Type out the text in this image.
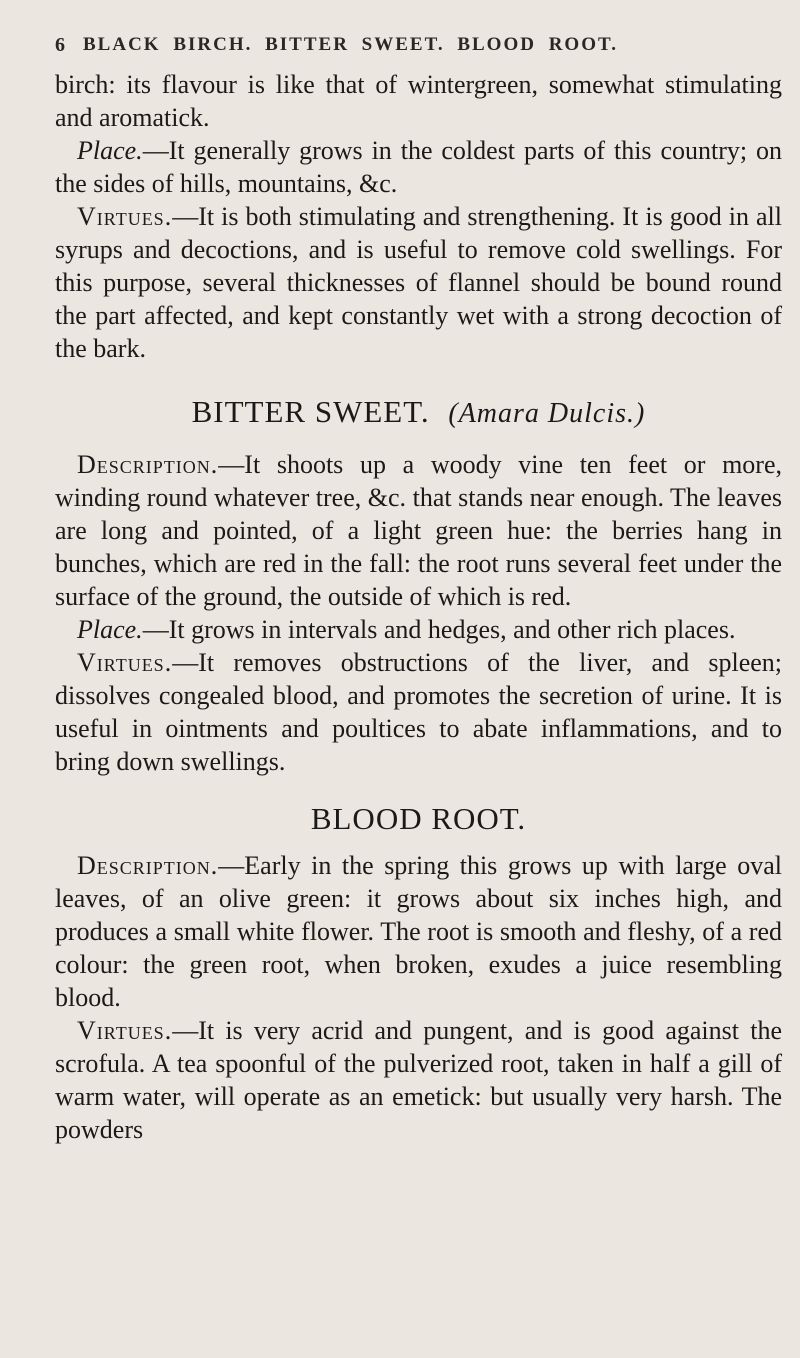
6 BLACK BIRCH. BITTER SWEET. BLOOD ROOT.

birch: its flavour is like that of wintergreen, somewhat stimulating and aromatick.

Place.—It generally grows in the coldest parts of this country; on the sides of hills, mountains, &c.

Virtues.—It is both stimulating and strengthening. It is good in all syrups and decoctions, and is useful to remove cold swellings. For this purpose, several thicknesses of flannel should be bound round the part affected, and kept constantly wet with a strong decoction of the bark.

BITTER SWEET. (Amara Dulcis.)

Description.—It shoots up a woody vine ten feet or more, winding round whatever tree, &c. that stands near enough. The leaves are long and pointed, of a light green hue: the berries hang in bunches, which are red in the fall: the root runs several feet under the surface of the ground, the outside of which is red.

Place.—It grows in intervals and hedges, and other rich places.

Virtues.—It removes obstructions of the liver, and spleen; dissolves congealed blood, and promotes the secretion of urine. It is useful in ointments and poultices to abate inflammations, and to bring down swellings.

BLOOD ROOT.

Description.—Early in the spring this grows up with large oval leaves, of an olive green: it grows about six inches high, and produces a small white flower. The root is smooth and fleshy, of a red colour: the green root, when broken, exudes a juice resembling blood.

Virtues.—It is very acrid and pungent, and is good against the scrofula. A tea spoonful of the pulverized root, taken in half a gill of warm water, will operate as an emetick: but usually very harsh. The powders
